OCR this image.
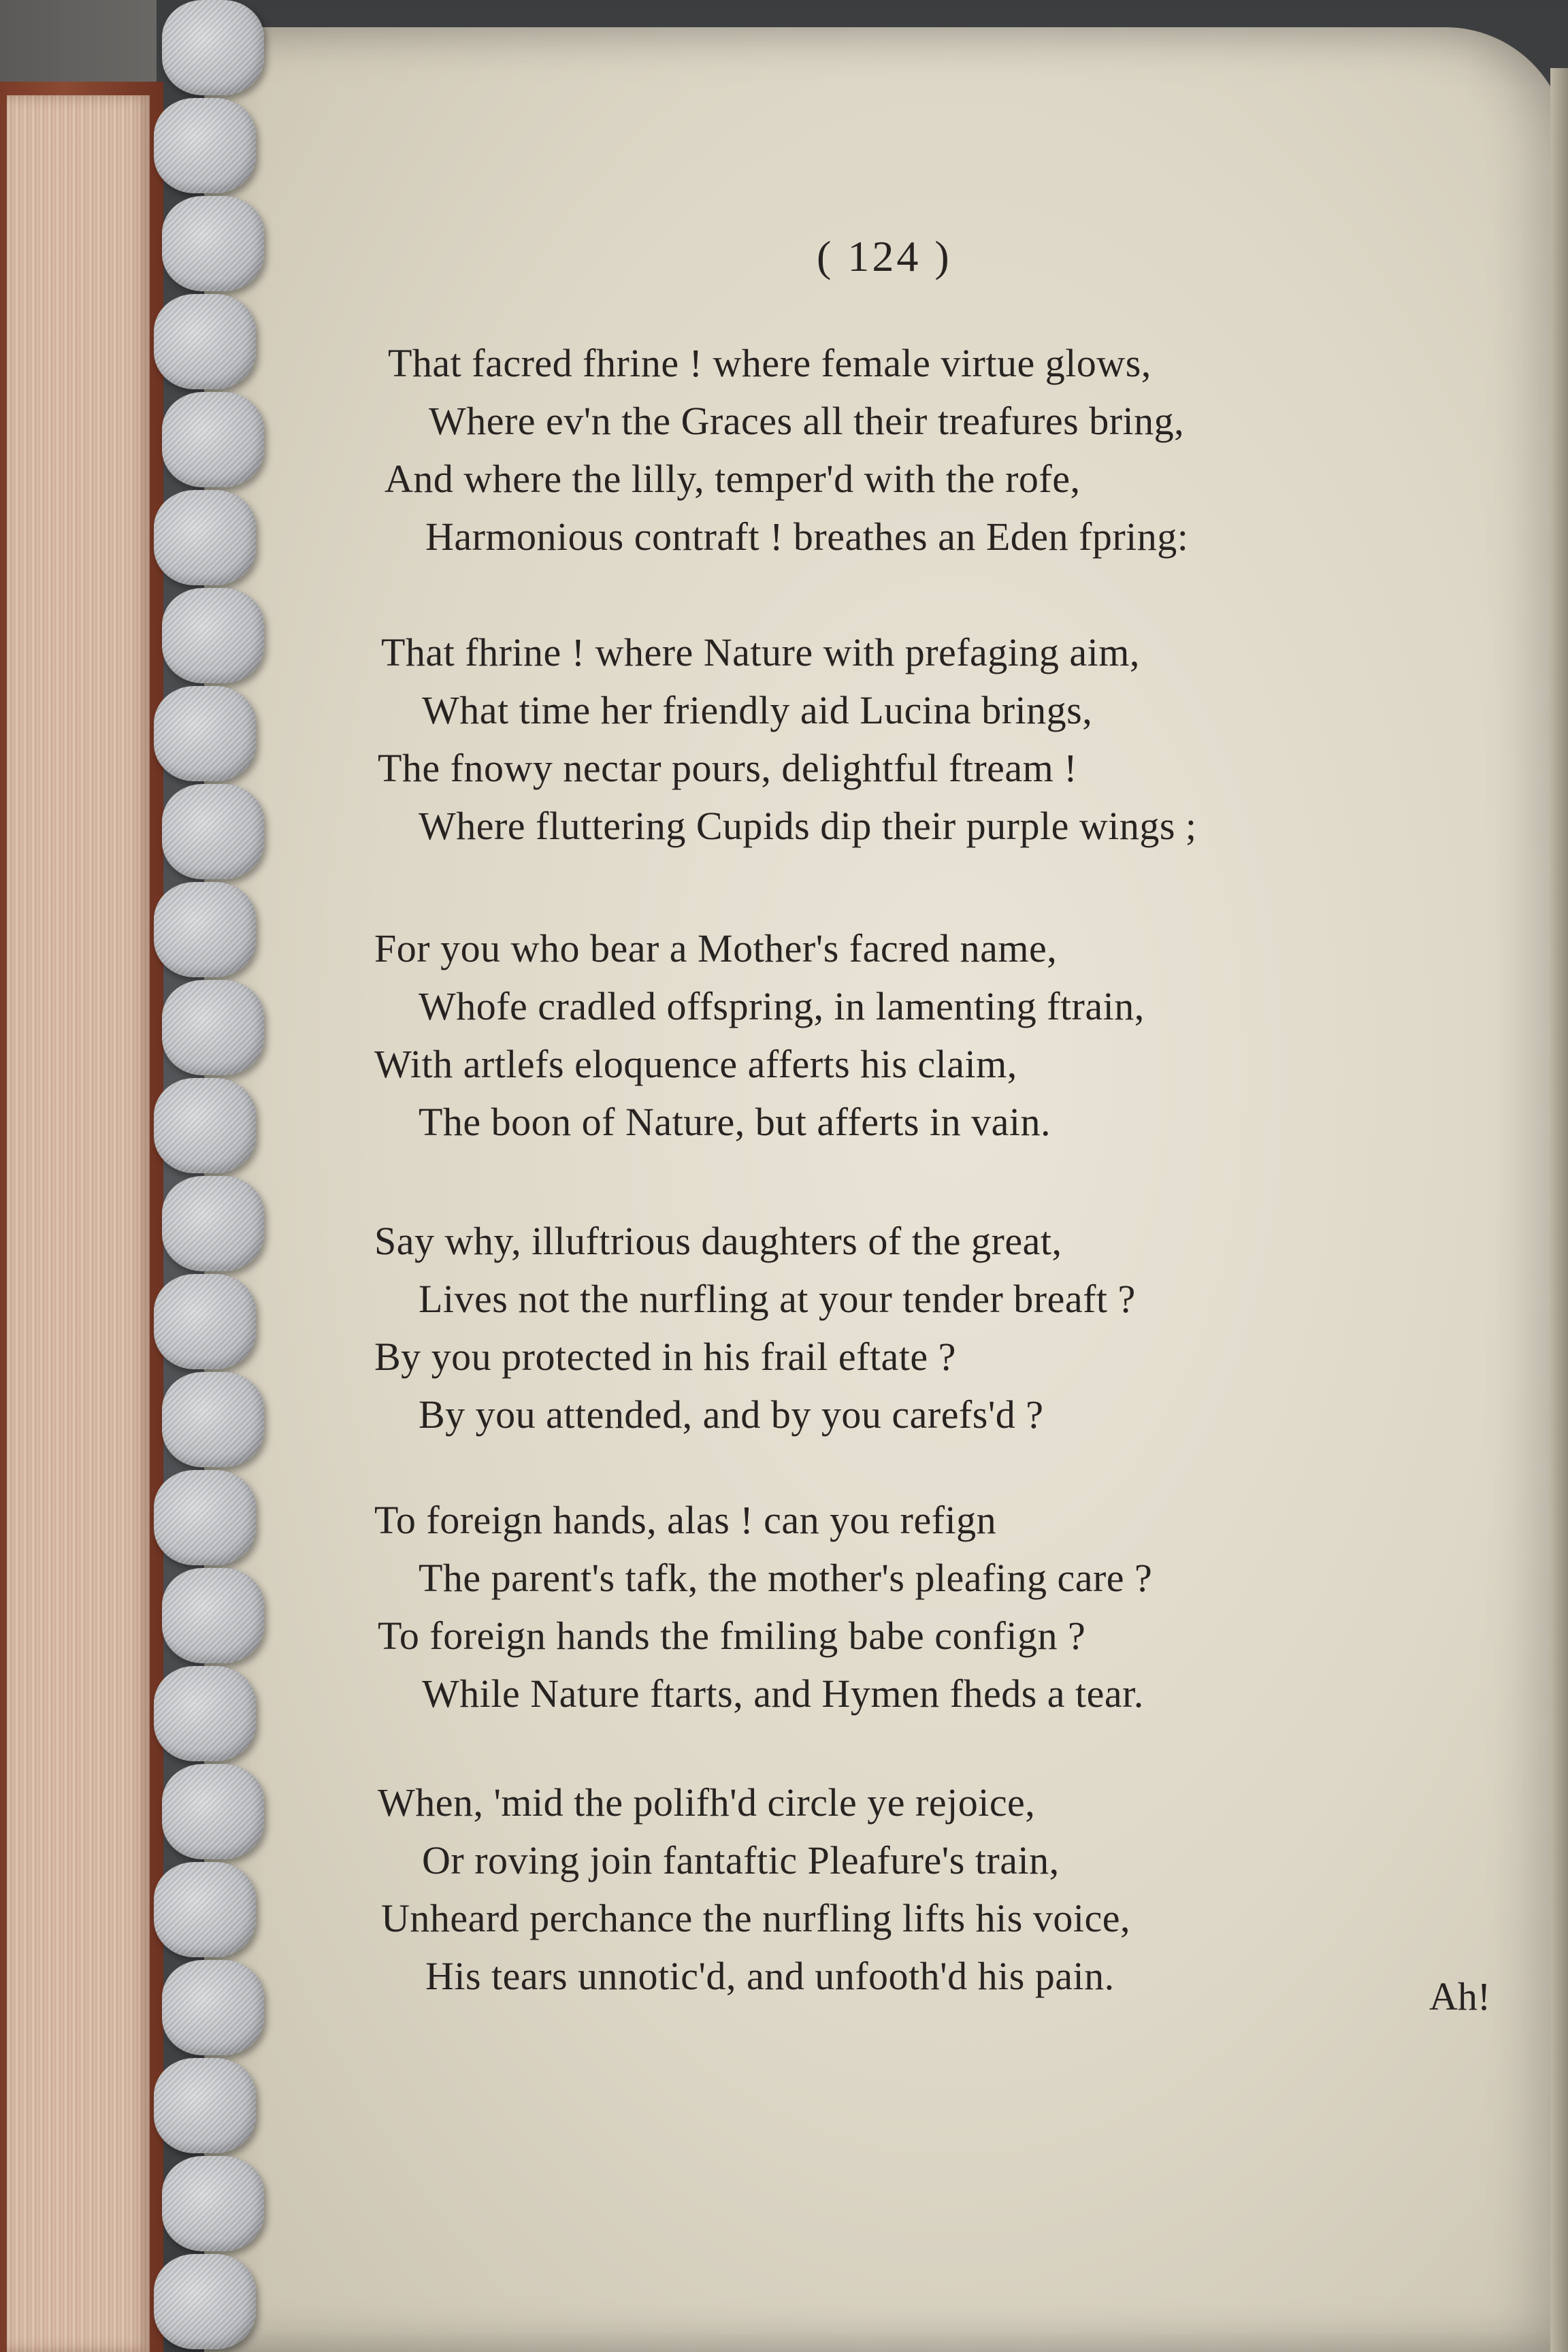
( 124 )
That facred fhrine ! where female virtue glows,
Where ev'n the Graces all their treafures bring,
And where the lilly, temper'd with the rofe,
Harmonious contraft ! breathes an Eden fpring:
That fhrine ! where Nature with prefaging aim,
What time her friendly aid Lucina brings,
The fnowy nectar pours, delightful ftream !
Where fluttering Cupids dip their purple wings ;
For you who bear a Mother's facred name,
Whofe cradled offspring, in lamenting ftrain,
With artlefs eloquence afferts his claim,
The boon of Nature, but afferts in vain.
Say why, illuftrious daughters of the great,
Lives not the nurfling at your tender breaft ?
By you protected in his frail eftate ?
By you attended, and by you carefs'd ?
To foreign hands, alas ! can you refign
The parent's tafk, the mother's pleafing care ?
To foreign hands the fmiling babe confign ?
While Nature ftarts, and Hymen fheds a tear.
When, 'mid the polifh'd circle ye rejoice,
Or roving join fantaftic Pleafure's train,
Unheard perchance the nurfling lifts his voice,
His tears unnotic'd, and unfooth'd his pain.	Ah!
